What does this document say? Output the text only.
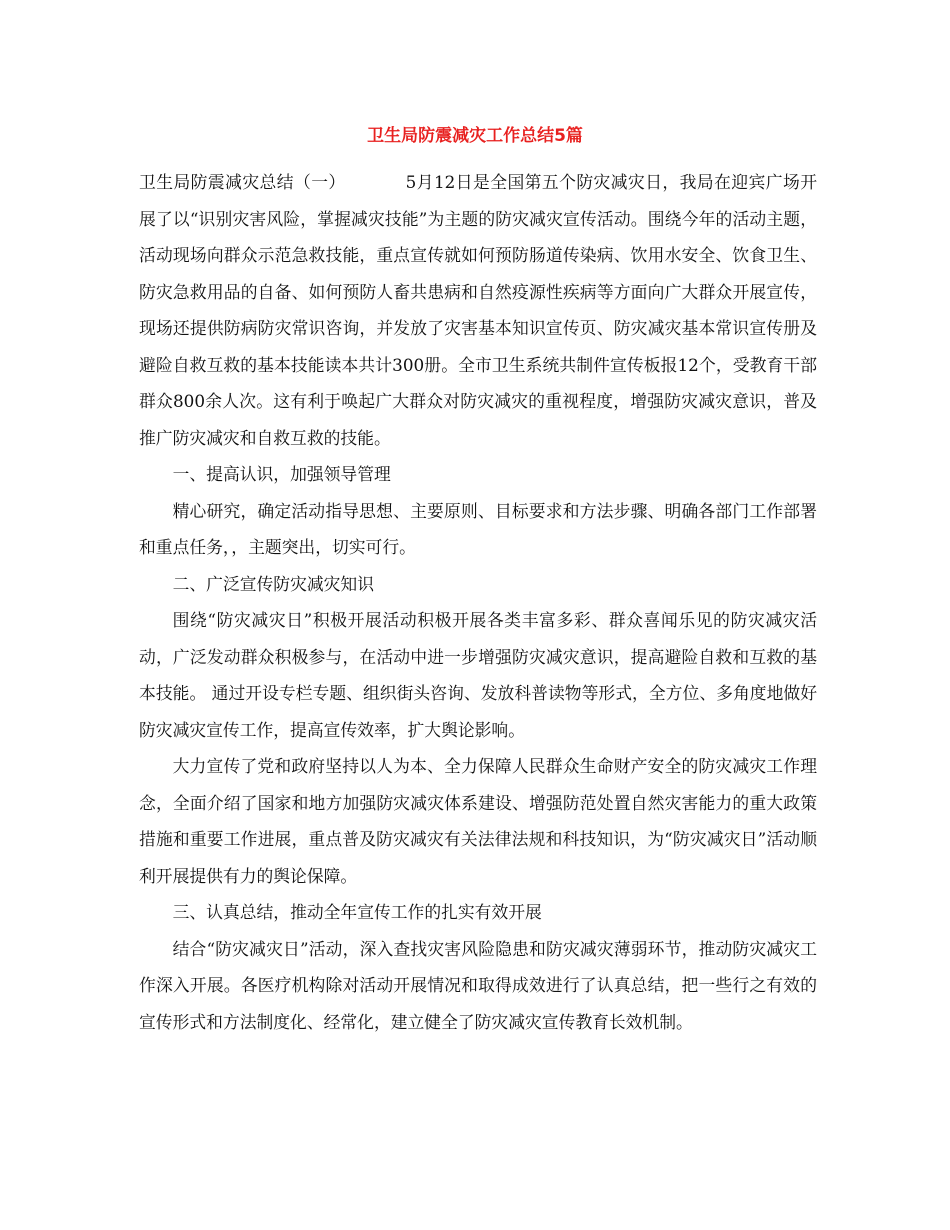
卫生局防震减灾工作总结5篇

卫生局防震减灾总结（一）	5月12日是全国第五个防灾减灾日，我局在迎宾广场开展了以“识别灾害风险，掌握减灾技能”为主题的防灾减灾宣传活动。围绕今年的活动主题，活动现场向群众示范急救技能，重点宣传就如何预防肠道传染病、饮用水安全、饮食卫生、防灾急救用品的自备、如何预防人畜共患病和自然疫源性疾病等方面向广大群众开展宣传，现场还提供防病防灾常识咨询，并发放了灾害基本知识宣传页、防灾减灾基本常识宣传册及避险自救互救的基本技能读本共计300册。全市卫生系统共制件宣传板报12个，受教育干部群众800余人次。这有利于唤起广大群众对防灾减灾的重视程度，增强防灾减灾意识，普及推广防灾减灾和自救互救的技能。

一、提高认识，加强领导管理

精心研究，确定活动指导思想、主要原则、目标要求和方法步骤、明确各部门工作部署和重点任务，，主题突出，切实可行。

二、广泛宣传防灾减灾知识

围绕“防灾减灾日”积极开展活动积极开展各类丰富多彩、群众喜闻乐见的防灾减灾活动，广泛发动群众积极参与，在活动中进一步增强防灾减灾意识，提高避险自救和互救的基本技能。 通过开设专栏专题、组织街头咨询、发放科普读物等形式，全方位、多角度地做好防灾减灾宣传工作，提高宣传效率，扩大舆论影响。

大力宣传了党和政府坚持以人为本、全力保障人民群众生命财产安全的防灾减灾工作理念，全面介绍了国家和地方加强防灾减灾体系建设、增强防范处置自然灾害能力的重大政策措施和重要工作进展，重点普及防灾减灾有关法律法规和科技知识，为“防灾减灾日”活动顺利开展提供有力的舆论保障。

三、认真总结，推动全年宣传工作的扎实有效开展

结合“防灾减灾日”活动，深入查找灾害风险隐患和防灾减灾薄弱环节，推动防灾减灾工作深入开展。各医疗机构除对活动开展情况和取得成效进行了认真总结，把一些行之有效的宣传形式和方法制度化、经常化，建立健全了防灾减灾宣传教育长效机制。
